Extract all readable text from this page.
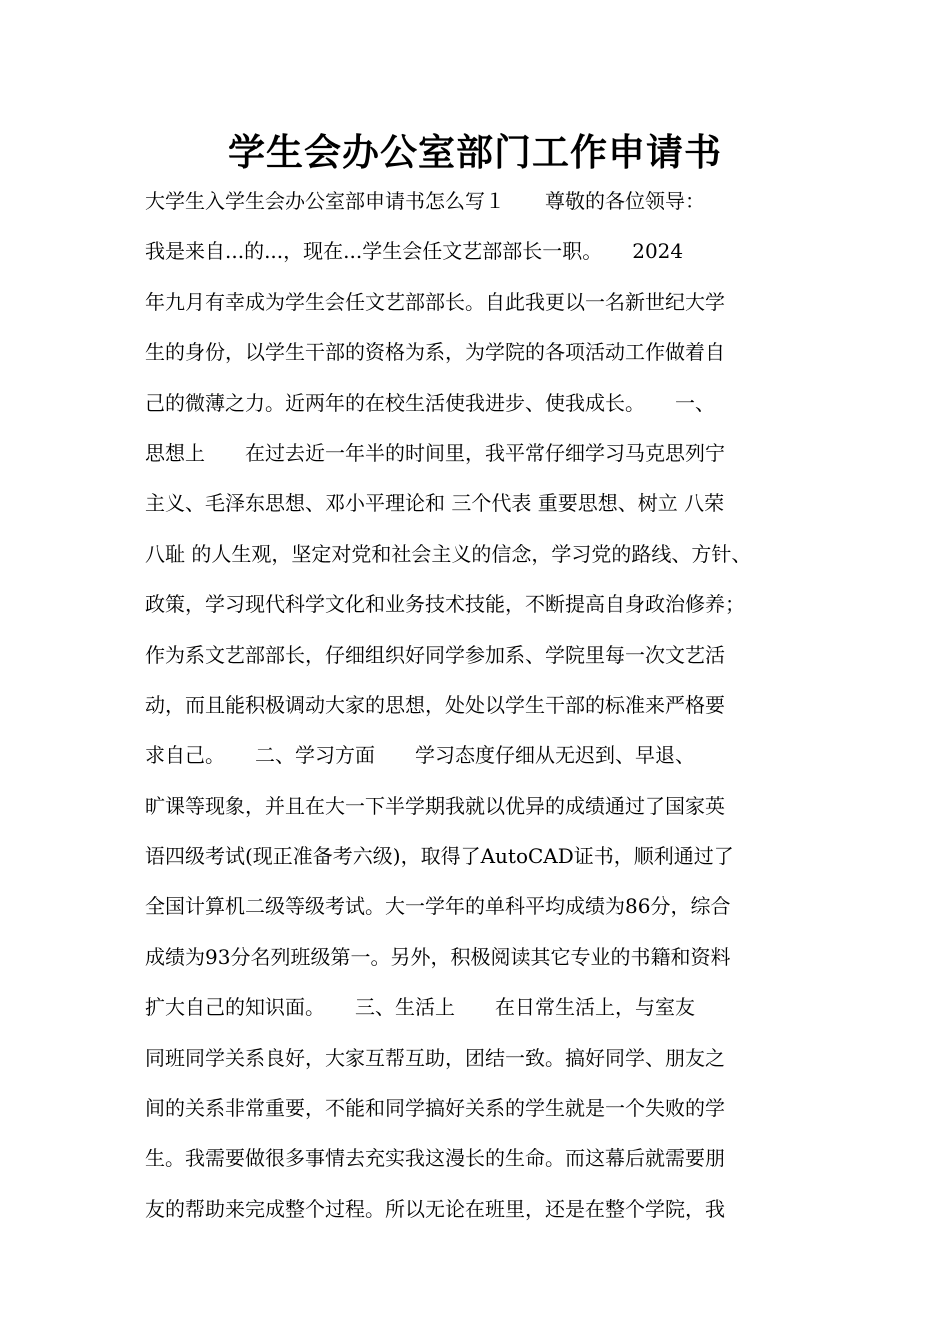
学生会办公室部门工作申请书
大学生入学生会办公室部申请书怎么写１　　尊敬的各位领导：
我是来自...的...，现在...学生会任文艺部部长一职。　　2024
年九月有幸成为学生会任文艺部部长。自此我更以一名新世纪大学
生的身份，以学生干部的资格为系，为学院的各项活动工作做着自
己的微薄之力。近两年的在校生活使我进步、使我成长。　　一、
思想上　　在过去近一年半的时间里，我平常仔细学习马克思列宁
主义、毛泽东思想、邓小平理论和 三个代表 重要思想、树立 八荣
八耻 的人生观，坚定对党和社会主义的信念，学习党的路线、方针、
政策，学习现代科学文化和业务技术技能，不断提高自身政治修养；
作为系文艺部部长，仔细组织好同学参加系、学院里每一次文艺活
动，而且能积极调动大家的思想，处处以学生干部的标准来严格要
求自己。　　二、学习方面　　学习态度仔细从无迟到、早退、
旷课等现象，并且在大一下半学期我就以优异的成绩通过了国家英
语四级考试(现正准备考六级)，取得了AutoCAD证书，顺利通过了
全国计算机二级等级考试。大一学年的单科平均成绩为86分，综合
成绩为93分名列班级第一。另外，积极阅读其它专业的书籍和资料
扩大自己的知识面。　　三、生活上　　在日常生活上，与室友
同班同学关系良好，大家互帮互助，团结一致。搞好同学、朋友之
间的关系非常重要，不能和同学搞好关系的学生就是一个失败的学
生。我需要做很多事情去充实我这漫长的生命。而这幕后就需要朋
友的帮助来完成整个过程。所以无论在班里，还是在整个学院，我
